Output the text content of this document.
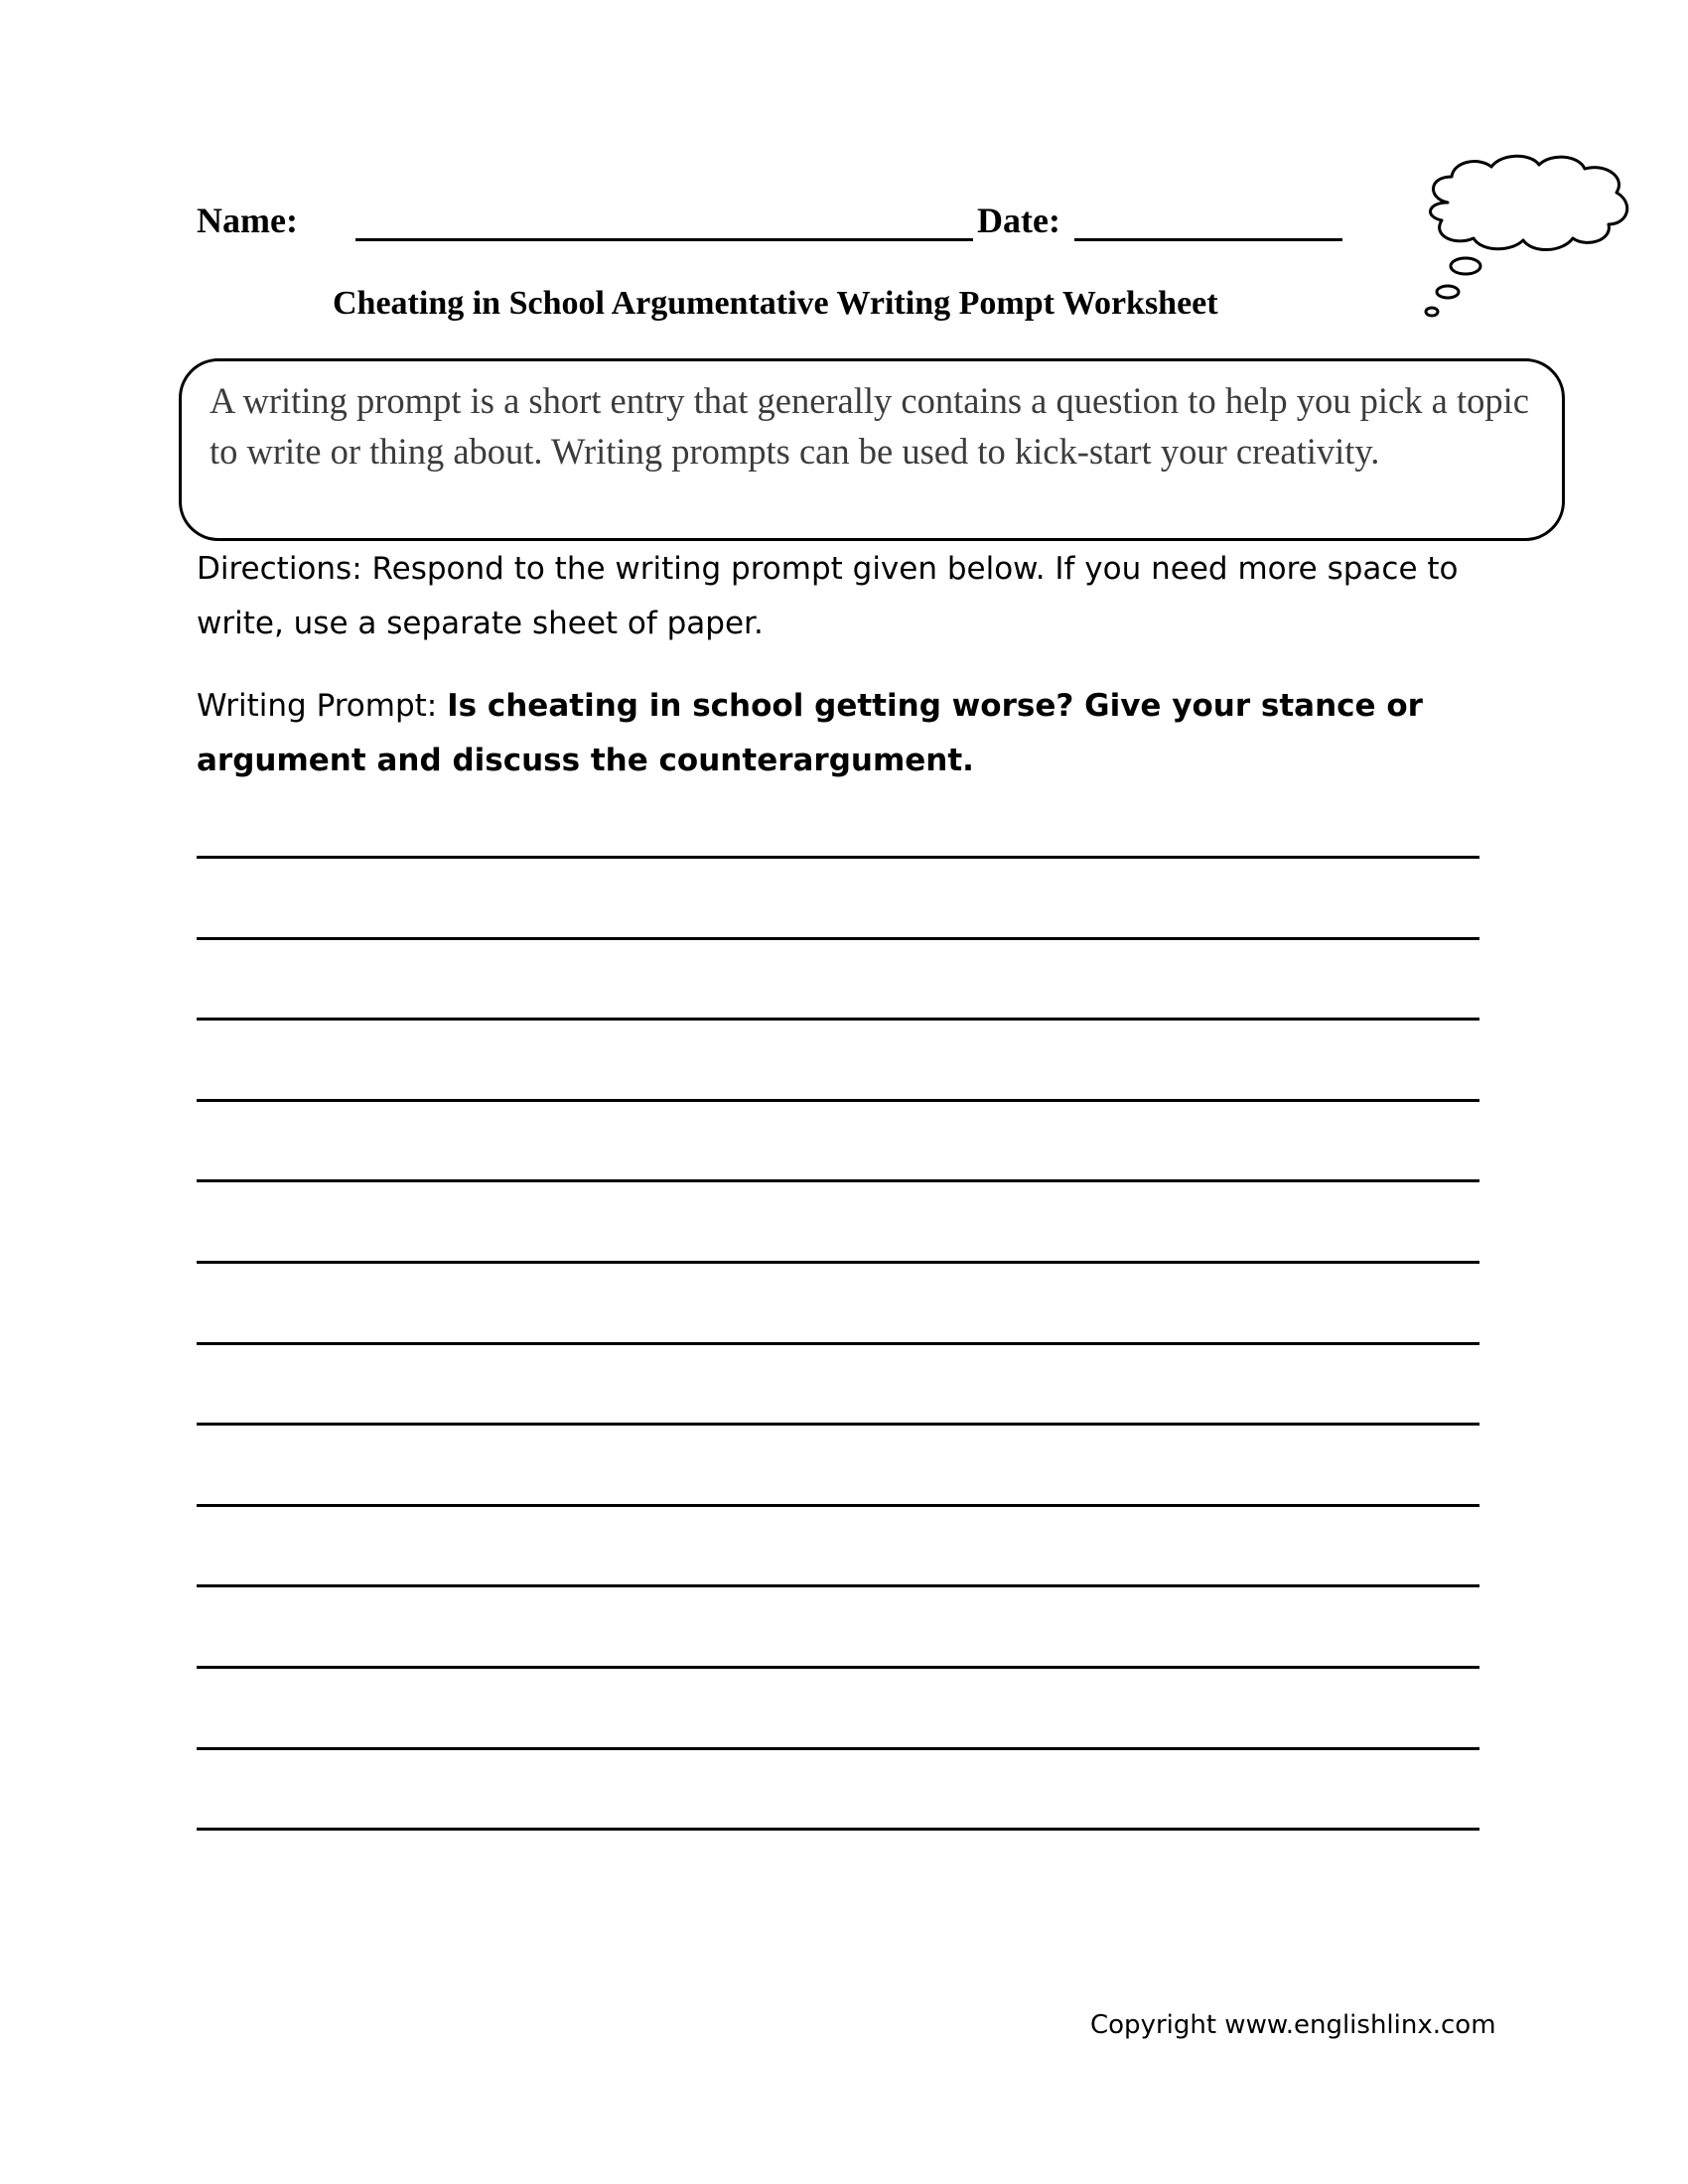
Name:	Date:
Cheating in School Argumentative Writing Pompt Worksheet

A writing prompt is a short entry that generally contains a question to help you pick a topic to write or thing about. Writing prompts can be used to kick-start your creativity.

Directions: Respond to the writing prompt given below. If you need more space to write, use a separate sheet of paper.

Writing Prompt: Is cheating in school getting worse? Give your stance or argument and discuss the counterargument.

Copyright www.englishlinx.com
